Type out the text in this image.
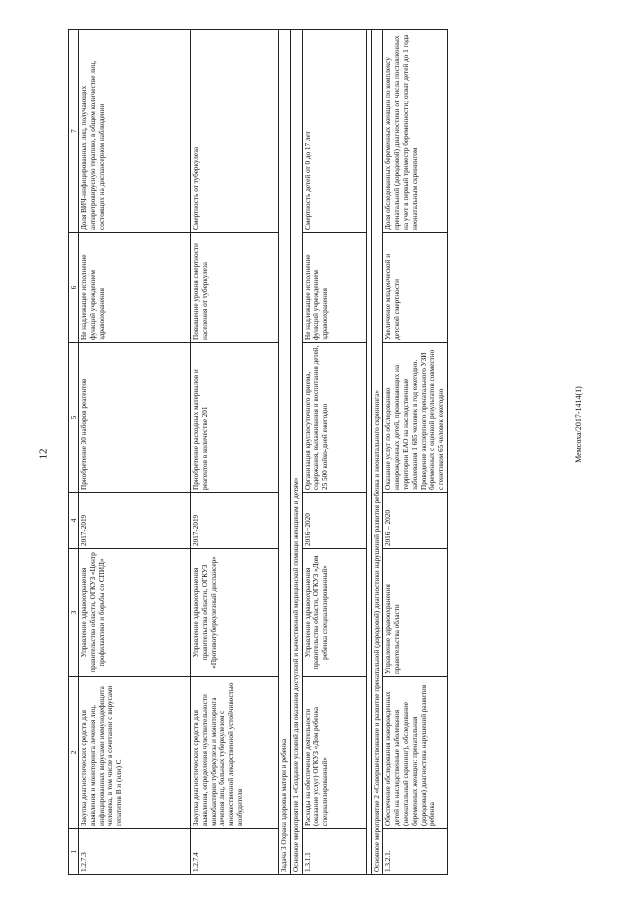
12	Мемсоха/2017-1414(1)
1	2	3	4	5	6	7
1.2.7.3	Закупка диагностических средств для выявления и мониторинга лечения лиц, инфицированных вирусами иммунодефицита человека, в том числе в сочетании с вирусами гепатитов В и (или) С	Управление здравоохранения правительства области, ОГКУЗ «Центр профилактики и борьбы со СПИД»	2017-2019	Приобретение 30 наборов реагентов	Не надлежащее исполнение функций учреждением здравоохранения	Доля ВИЧ-инфицированных лиц, получающих антиретровирусную терапию, в общем количестве лиц, состоящих на диспансерном наблюдении
1.2.7.4	Закупка диагностических средств для выявления, определения чувствительности микобактерии туберкулеза и мониторинга лечения лиц, больных туберкулезом с множественной лекарственной устойчивостью возбудителя	Управление здравоохранения правительства области, ОГКУЗ «Противотуберкулезный диспансер»	2017-2019	Приобретение расходных материалов и реагентов в количестве 201	Повышение уровня смертности населения от туберкулеза	Смертность от туберкулеза
Задача 3 Охрана здоровья матери и ребенка						
Основное мероприятие 1 «Создание условий для оказания доступной и качественной медицинской помощи женщинам и детям»						
1.3.1.1	Расходы на обеспечение деятельности (оказание услуг) ОГКУЗ «Дом ребенка специализированный»	Управление здравоохранения правительства области, ОГКУЗ «Дом ребенка специализированный»	2016−2020	Организация круглосуточного приема, содержания, выхаживания и воспитания детей, 25 500 койко-дней ежегодно	Не надлежащее исполнение функций учреждением здравоохранения	Смертность детей от 0 до 17 лет

Основное мероприятие 2 «Совершенствование и развитие пренатальной (дородовой) диагностики нарушений развития ребенка и неонатального скрининга»						
1.3.2.1.	Обеспечение обследования новорожденных детей на наследственные заболевания (неонатальный скрининг), обследование беременных женщин: пренатальная (дородовая) диагностика нарушений развития ребенка	Управление здравоохранения правительства области	2016 – 2020	Оказание услуг по обследованию новорожденных детей, проживающих на территории ЕАО на наследственные заболевания 1 685 человек в год ежегодно. Проведение экспертного пренатального УЗИ беременных с оценкой результатов совместно с генетиком 65 человек ежегодно	Увеличение младенческой и детской смертности	Доля обследованных беременных женщин по комплексу пренатальной (дородовой) диагностики от числа поставленных на учет в первый триместр беременности; охват детей до 1 года неонатальным скринингом
